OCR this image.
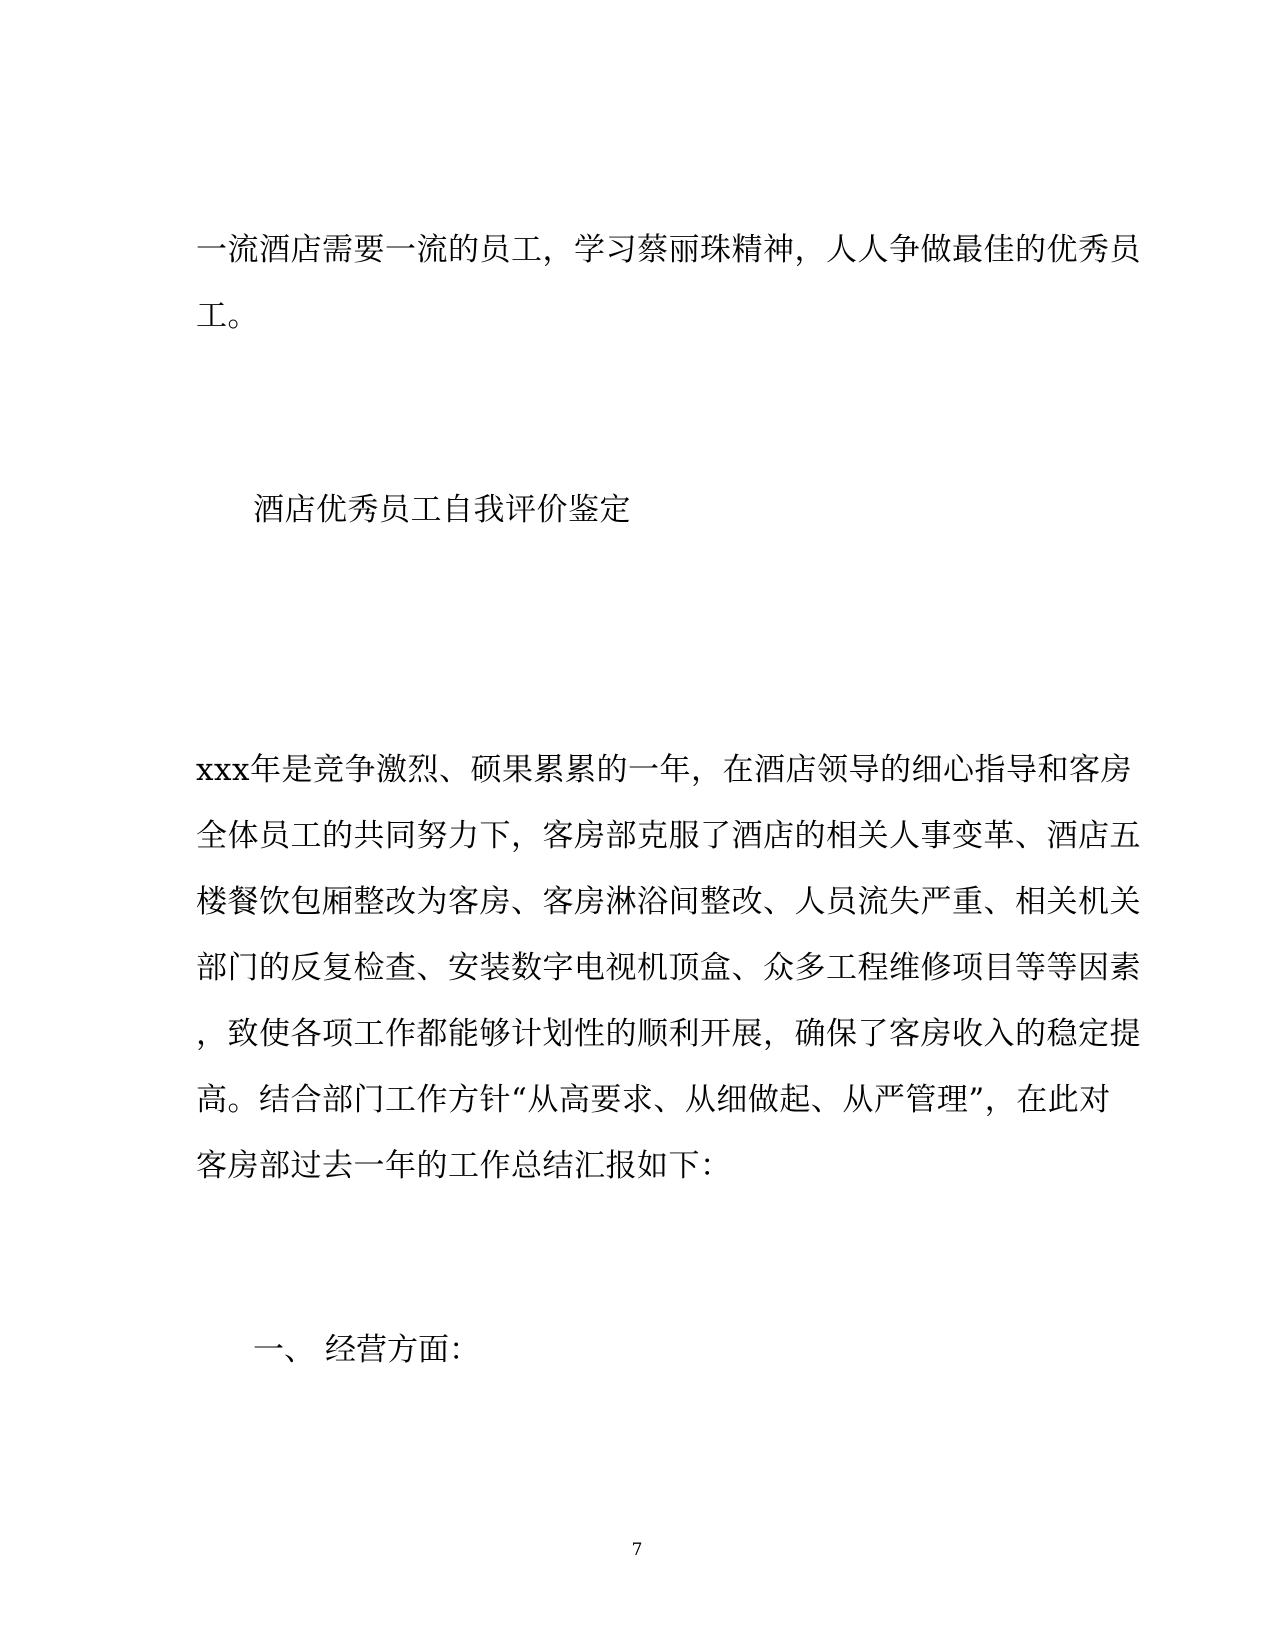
一流酒店需要一流的员工，学习蔡丽珠精神，人人争做最佳的优秀员
工。

酒店优秀员工自我评价鉴定

xxx年是竞争激烈、硕果累累的一年，在酒店领导的细心指导和客房
全体员工的共同努力下，客房部克服了酒店的相关人事变革、酒店五
楼餐饮包厢整改为客房、客房淋浴间整改、人员流失严重、相关机关
部门的反复检查、安装数字电视机顶盒、众多工程维修项目等等因素
，致使各项工作都能够计划性的顺利开展，确保了客房收入的稳定提
高。结合部门工作方针“从高要求、从细做起、从严管理”，在此对
客房部过去一年的工作总结汇报如下：

一、 经营方面：

7
